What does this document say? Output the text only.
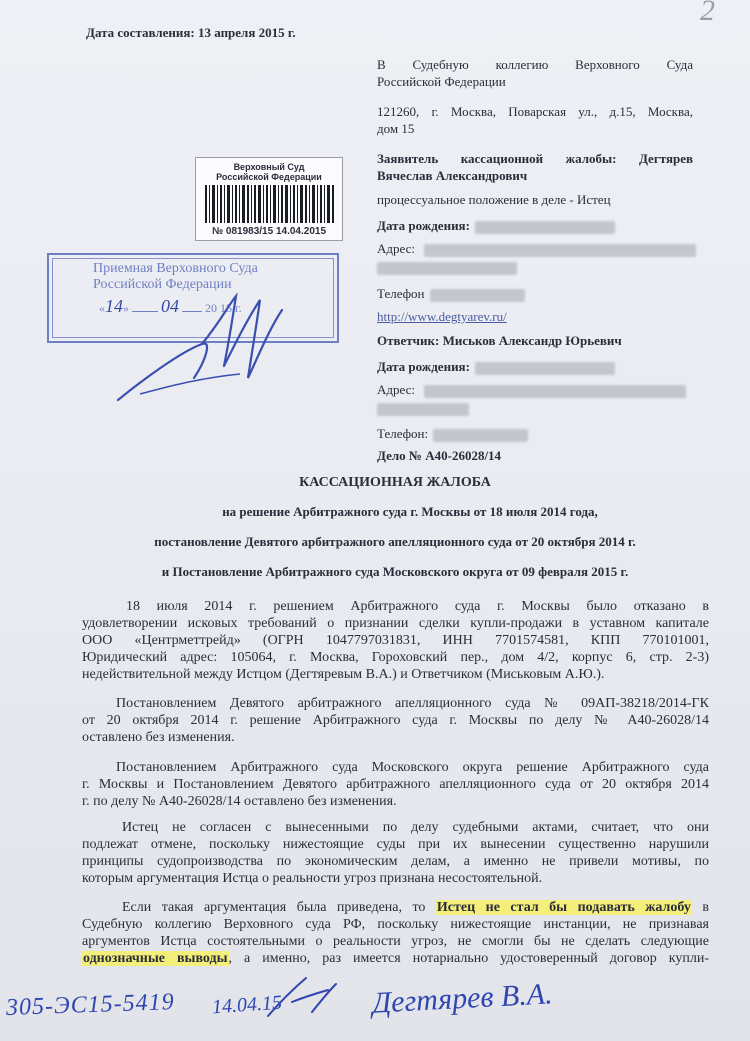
2
Дата составления: 13 апреля 2015 г.
В Судебную коллегию Верховного Суда
Российской Федерации
121260, г. Москва, Поварская ул., д.15, Москва,
дом 15
Заявитель кассационной жалобы: Дегтярев
Вячеслав Александрович
процессуальное положение в деле - Истец
Дата рождения:
Адрес:
Телефон
http://www.degtyarev.ru/
Ответчик: Миськов Александр Юрьевич
Дата рождения:
Адрес:
Телефон:
Дело № А40-26028/14
Верховный Суд
Российской Федерации
№ 081983/15 14.04.2015
Приемная Верховного Суда
Российской Федерации
«14» 04 20 15 г.
КАССАЦИОННАЯ ЖАЛОБА
на решение Арбитражного суда г. Москвы от 18 июля 2014 года,
постановление Девятого арбитражного апелляционного суда от 20 октября 2014 г.
и Постановление Арбитражного суда Московского округа от 09 февраля 2015 г.
18 июля 2014 г. решением Арбитражного суда г. Москвы было отказано в
удовлетворении исковых требований о признании сделки купли-продажи в уставном капитале
ООО «Центрметтрейд» (ОГРН 1047797031831, ИНН 7701574581, КПП 770101001,
Юридический адрес: 105064, г. Москва, Гороховский пер., дом 4/2, корпус 6, стр. 2-3)
недействительной между Истцом (Дегтяревым В.А.) и Ответчиком (Миськовым А.Ю.).
Постановлением Девятого арбитражного апелляционного суда № 09АП-38218/2014-ГК
от 20 октября 2014 г. решение Арбитражного суда г. Москвы по делу № А40-26028/14
оставлено без изменения.
Постановлением Арбитражного суда Московского округа решение Арбитражного суда
г. Москвы и Постановлением Девятого арбитражного апелляционного суда от 20 октября 2014
г. по делу № А40-26028/14 оставлено без изменения.
Истец не согласен с вынесенными по делу судебными актами, считает, что они
подлежат отмене, поскольку нижестоящие суды при их вынесении существенно нарушили
принципы судопроизводства по экономическим делам, а именно не привели мотивы, по
которым аргументация Истца о реальности угроз признана несостоятельной.
Если такая аргументация была приведена, то Истец не стал бы подавать жалобу в
Судебную коллегию Верховного суда РФ, поскольку нижестоящие инстанции, не признавая
аргументов Истца состоятельными о реальности угроз, не смогли бы не сделать следующие
однозначные выводы, а именно, раз имеется нотариально удостоверенный договор купли-
305-ЭС15-5419 14.04.15	Дегтярев В.А.
